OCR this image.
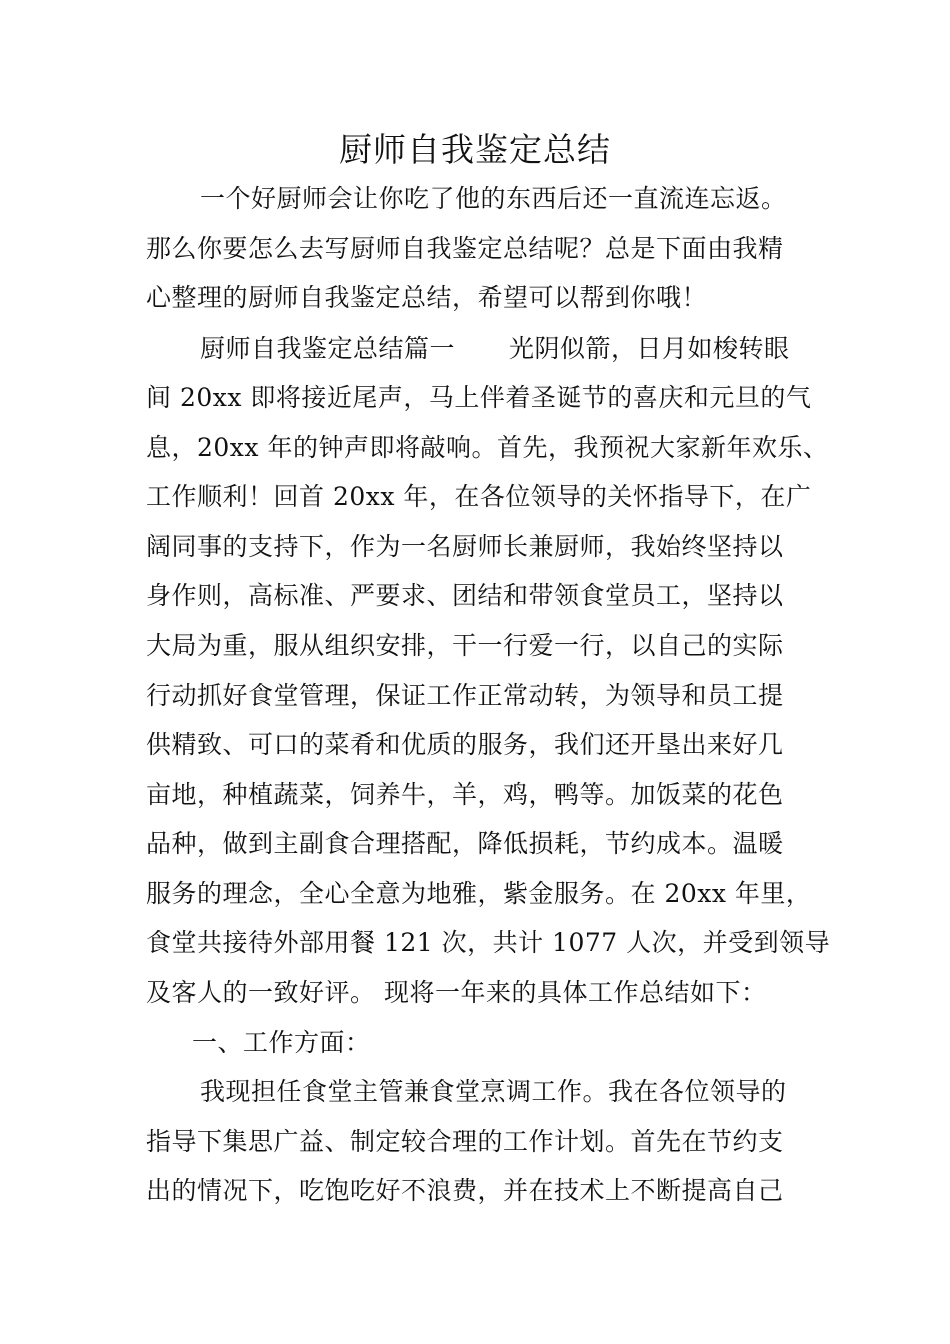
厨师自我鉴定总结
一个好厨师会让你吃了他的东西后还一直流连忘返。
那么你要怎么去写厨师自我鉴定总结呢？总是下面由我精
心整理的厨师自我鉴定总结，希望可以帮到你哦！
厨师自我鉴定总结篇一 光阴似箭，日月如梭转眼
间 20xx 即将接近尾声，马上伴着圣诞节的喜庆和元旦的气
息，20xx 年的钟声即将敲响。首先，我预祝大家新年欢乐、
工作顺利！回首 20xx 年，在各位领导的关怀指导下，在广
阔同事的支持下，作为一名厨师长兼厨师，我始终坚持以
身作则，高标准、严要求、团结和带领食堂员工，坚持以
大局为重，服从组织安排，干一行爱一行，以自己的实际
行动抓好食堂管理，保证工作正常动转，为领导和员工提
供精致、可口的菜肴和优质的服务，我们还开垦出来好几
亩地，种植蔬菜，饲养牛，羊，鸡，鸭等。加饭菜的花色
品种，做到主副食合理搭配，降低损耗，节约成本。温暖
服务的理念，全心全意为地雅，紫金服务。在 20xx 年里，
食堂共接待外部用餐 121 次，共计 1077 人次，并受到领导
及客人的一致好评。 现将一年来的具体工作总结如下：
一、工作方面：
我现担任食堂主管兼食堂烹调工作。我在各位领导的
指导下集思广益、制定较合理的工作计划。首先在节约支
出的情况下，吃饱吃好不浪费，并在技术上不断提高自己
